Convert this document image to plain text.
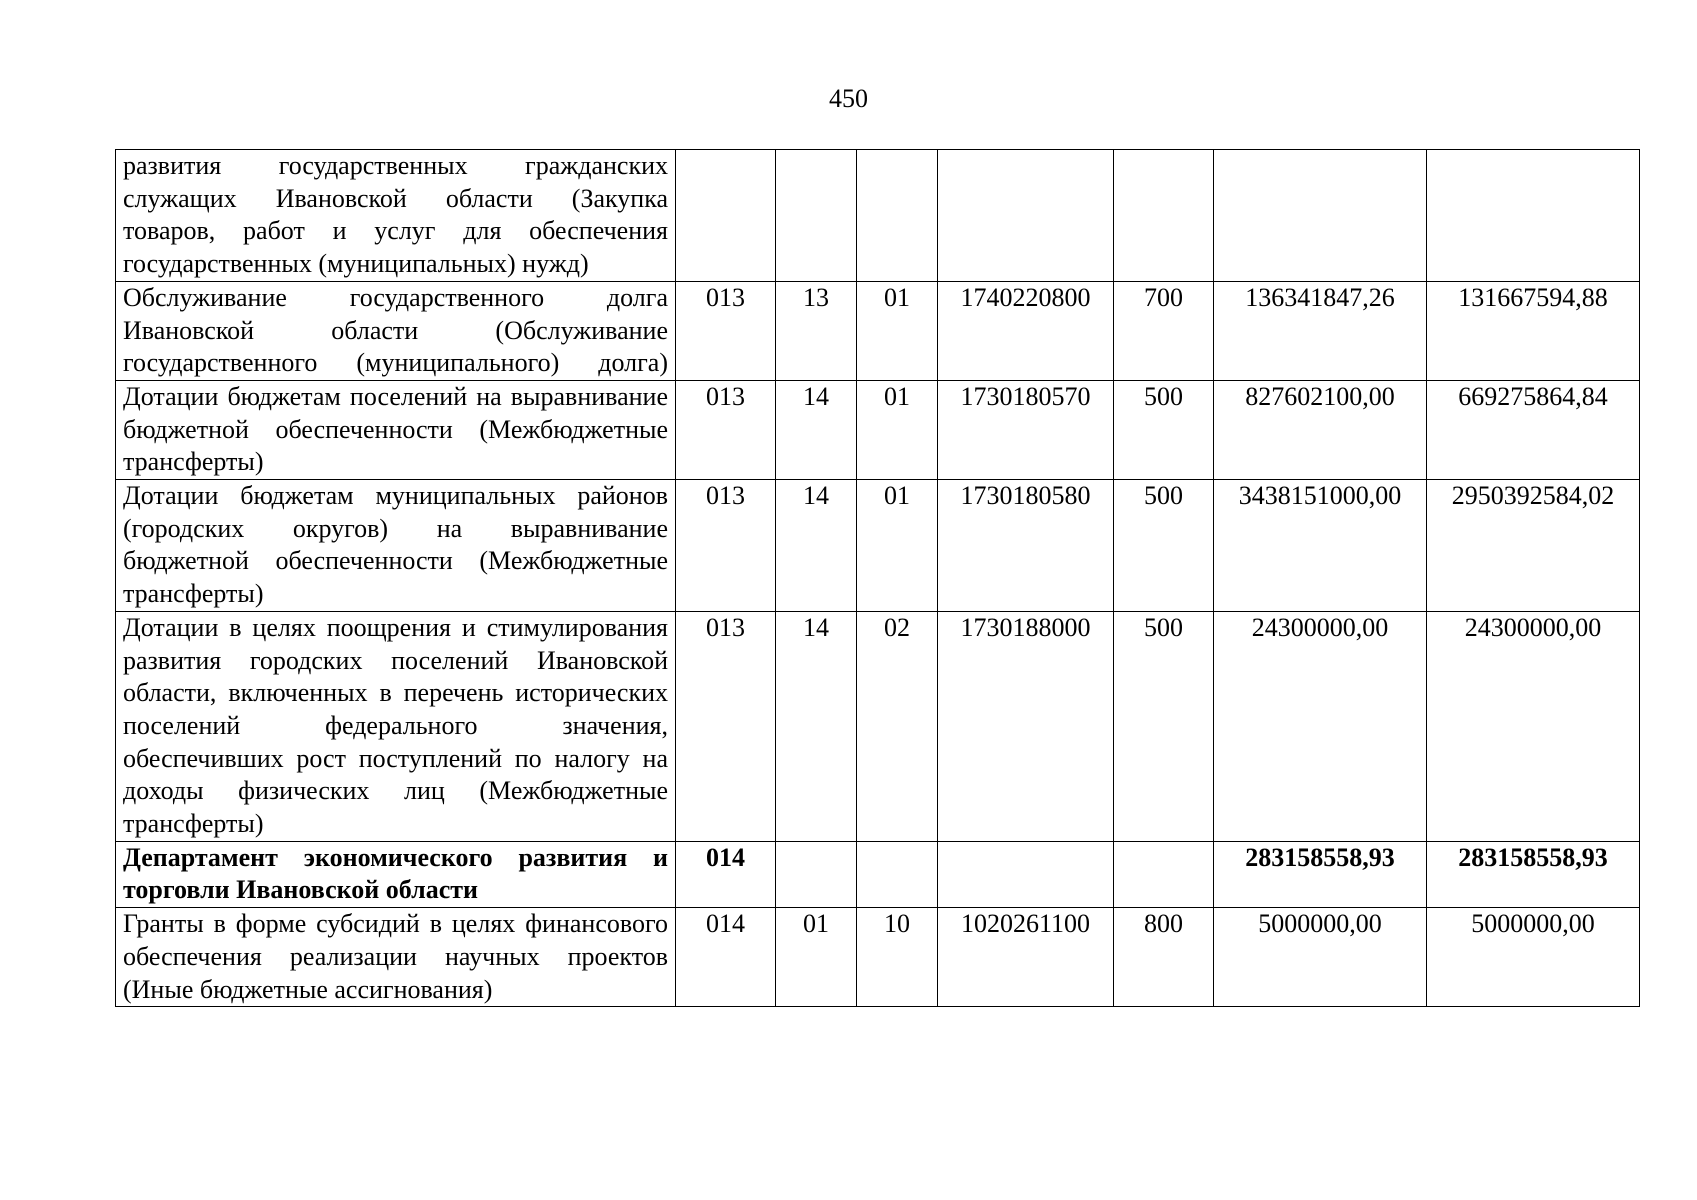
450
развития государственных гражданских служащих Ивановской области (Закупка товаров, работ и услуг для обеспечения государственных (муниципальных) нужд)							
Обслуживание государственного долга Ивановской области (Обслуживание государственного (муниципального) долга)	013	13	01	1740220800	700	136341847,26	131667594,88
Дотации бюджетам поселений на выравнивание бюджетной обеспеченности (Межбюджетные трансферты)	013	14	01	1730180570	500	827602100,00	669275864,84
Дотации бюджетам муниципальных районов (городских округов) на выравнивание бюджетной обеспеченности (Межбюджетные трансферты)	013	14	01	1730180580	500	3438151000,00	2950392584,02
Дотации в целях поощрения и стимулирования развития городских поселений Ивановской области, включенных в перечень исторических поселений федерального значения, обеспечивших рост поступлений по налогу на доходы физических лиц (Межбюджетные трансферты)	013	14	02	1730188000	500	24300000,00	24300000,00
Департамент экономического развития и торговли Ивановской области	014					283158558,93	283158558,93
Гранты в форме субсидий в целях финансового обеспечения реализации научных проектов (Иные бюджетные ассигнования)	014	01	10	1020261100	800	5000000,00	5000000,00
